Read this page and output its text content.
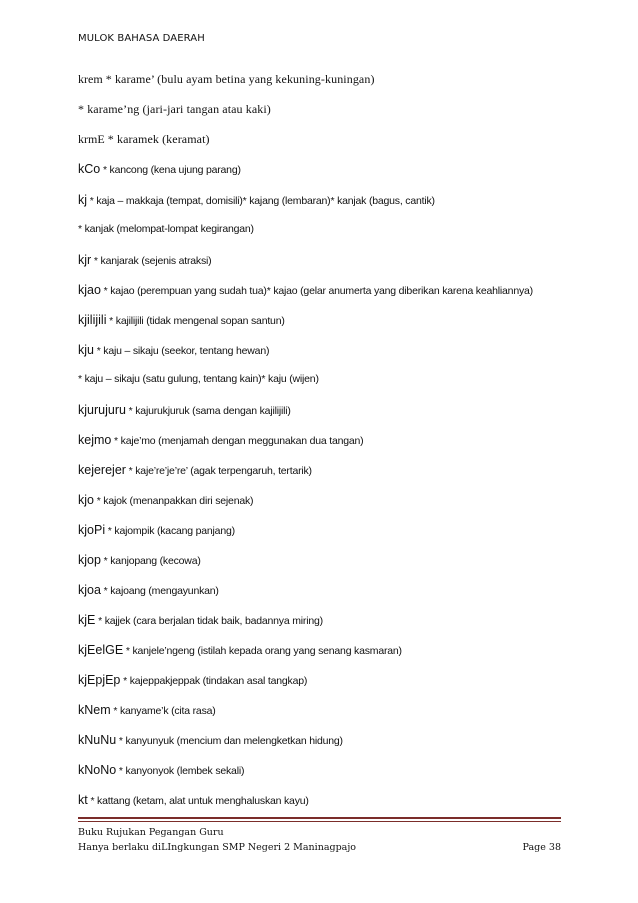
MULOK BAHASA DAERAH
krem * karame’ (bulu ayam betina yang kekuning-kuningan)
* karame’ng (jari-jari tangan atau kaki)
krmE * karamek (keramat)
kCo * kancong (kena ujung parang)
kj * kaja – makkaja (tempat, domisili)* kajang (lembaran)* kanjak (bagus, cantik)
* kanjak (melompat-lompat kegirangan)
kjr * kanjarak (sejenis atraksi)
kjao * kajao (perempuan yang sudah tua)* kajao (gelar anumerta yang diberikan karena keahliannya)
kjilijili * kajilijili (tidak mengenal sopan santun)
kju * kaju – sikaju (seekor, tentang hewan)
* kaju – sikaju (satu gulung, tentang kain)* kaju (wijen)
kjurujuru * kajurukjuruk (sama dengan kajilijili)
kejmo * kaje’mo (menjamah dengan meggunakan dua tangan)
kejerejer * kaje’re’je’re’ (agak terpengaruh, tertarik)
kjo * kajok (menanpakkan diri sejenak)
kjoPi * kajompik (kacang panjang)
kjop * kanjopang (kecowa)
kjoa * kajoang (mengayunkan)
kjE * kajjek (cara berjalan tidak baik, badannya miring)
kjEelGE * kanjele’ngeng (istilah kepada orang yang senang kasmaran)
kjEpjEp * kajeppakjeppak (tindakan asal tangkap)
kNem * kanyame’k (cita rasa)
kNuNu * kanyunyuk (mencium dan melengketkan hidung)
kNoNo * kanyonyok (lembek sekali)
kt * kattang (ketam, alat untuk menghaluskan kayu)
Buku Rujukan Pegangan Guru
Hanya berlaku diLIngkungan SMP Negeri 2 Maninagpajo	Page 38
